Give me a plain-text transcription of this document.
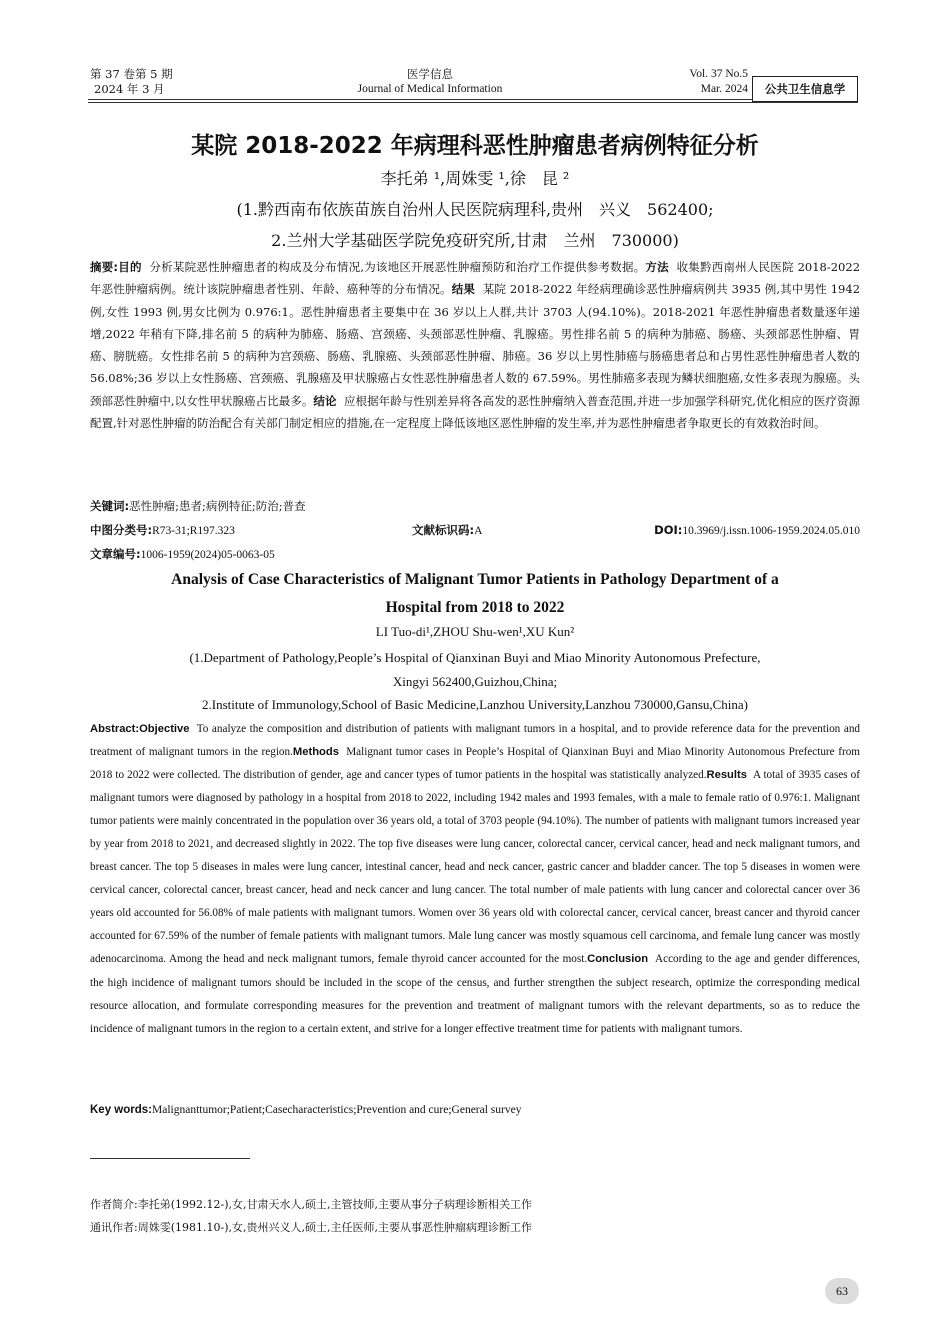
第 37 卷第 5 期
2024 年 3 月
医学信息
Journal of Medical Information
Vol. 37 No.5
Mar. 2024	公共卫生信息学
某院 2018-2022 年病理科恶性肿瘤患者病例特征分析
李托弟 ¹,周姝雯 ¹,徐　昆 ²
(1.黔西南布依族苗族自治州人民医院病理科,贵州　兴义　562400;
2.兰州大学基础医学院免疫研究所,甘肃　兰州　730000)
摘要:目的 分析某院恶性肿瘤患者的构成及分布情况,为该地区开展恶性肿瘤预防和治疗工作提供参考数据。方法 收集黔西南州人民医院 2018-2022 年恶性肿瘤病例。统计该院肿瘤患者性别、年龄、癌种等的分布情况。结果 某院 2018-2022 年经病理确诊恶性肿瘤病例共 3935 例,其中男性 1942 例,女性 1993 例,男女比例为 0.976:1。恶性肿瘤患者主要集中在 36 岁以上人群,共计 3703 人(94.10%)。2018-2021 年恶性肿瘤患者数量逐年递增,2022 年稍有下降,排名前 5 的病种为肺癌、肠癌、宫颈癌、头颈部恶性肿瘤、乳腺癌。男性排名前 5 的病种为肺癌、肠癌、头颈部恶性肿瘤、胃癌、膀胱癌。女性排名前 5 的病种为宫颈癌、肠癌、乳腺癌、头颈部恶性肿瘤、肺癌。36 岁以上男性肺癌与肠癌患者总和占男性恶性肿瘤患者人数的 56.08%;36 岁以上女性肠癌、宫颈癌、乳腺癌及甲状腺癌占女性恶性肿瘤患者人数的 67.59%。男性肺癌多表现为鳞状细胞癌,女性多表现为腺癌。头颈部恶性肿瘤中,以女性甲状腺癌占比最多。结论 应根据年龄与性别差异将各高发的恶性肿瘤纳入普查范围,并进一步加强学科研究,优化相应的医疗资源配置,针对恶性肿瘤的防治配合有关部门制定相应的措施,在一定程度上降低该地区恶性肿瘤的发生率,并为恶性肿瘤患者争取更长的有效救治时间。
关键词:恶性肿瘤;患者;病例特征;防治;普查
中图分类号:R73-31;R197.323	文献标识码:A	DOI:10.3969/j.issn.1006-1959.2024.05.010
文章编号:1006-1959(2024)05-0063-05
Analysis of Case Characteristics of Malignant Tumor Patients in Pathology Department of a Hospital from 2018 to 2022
LI Tuo-di¹,ZHOU Shu-wen¹,XU Kun²
(1.Department of Pathology,People’s Hospital of Qianxinan Buyi and Miao Minority Autonomous Prefecture,
Xingyi 562400,Guizhou,China;
2.Institute of Immunology,School of Basic Medicine,Lanzhou University,Lanzhou 730000,Gansu,China)
Abstract:Objective To analyze the composition and distribution of patients with malignant tumors in a hospital, and to provide reference data for the prevention and treatment of malignant tumors in the region.Methods Malignant tumor cases in People’s Hospital of Qianxinan Buyi and Miao Minority Autonomous Prefecture from 2018 to 2022 were collected. The distribution of gender, age and cancer types of tumor patients in the hospital was statistically analyzed.Results A total of 3935 cases of malignant tumors were diagnosed by pathology in a hospital from 2018 to 2022, including 1942 males and 1993 females, with a male to female ratio of 0.976:1. Malignant tumor patients were mainly concentrated in the population over 36 years old, a total of 3703 people (94.10%). The number of patients with malignant tumors increased year by year from 2018 to 2021, and decreased slightly in 2022. The top five diseases were lung cancer, colorectal cancer, cervical cancer, head and neck malignant tumors, and breast cancer. The top 5 diseases in males were lung cancer, intestinal cancer, head and neck cancer, gastric cancer and bladder cancer. The top 5 diseases in women were cervical cancer, colorectal cancer, breast cancer, head and neck cancer and lung cancer. The total number of male patients with lung cancer and colorectal cancer over 36 years old accounted for 56.08% of male patients with malignant tumors. Women over 36 years old with colorectal cancer, cervical cancer, breast cancer and thyroid cancer accounted for 67.59% of the number of female patients with malignant tumors. Male lung cancer was mostly squamous cell carcinoma, and female lung cancer was mostly adenocarcinoma. Among the head and neck malignant tumors, female thyroid cancer accounted for the most.Conclusion According to the age and gender differences, the high incidence of malignant tumors should be included in the scope of the census, and further strengthen the subject research, optimize the corresponding medical resource allocation, and formulate corresponding measures for the prevention and treatment of malignant tumors with the relevant departments, so as to reduce the incidence of malignant tumors in the region to a certain extent, and strive for a longer effective treatment time for patients with malignant tumors.
Key words:Malignanttumor;Patient;Casecharacteristics;Prevention and cure;General survey
作者简介:李托弟(1992.12-),女,甘肃天水人,硕士,主管技师,主要从事分子病理诊断相关工作
通讯作者:周姝雯(1981.10-),女,贵州兴义人,硕士,主任医师,主要从事恶性肿瘤病理诊断工作
63
